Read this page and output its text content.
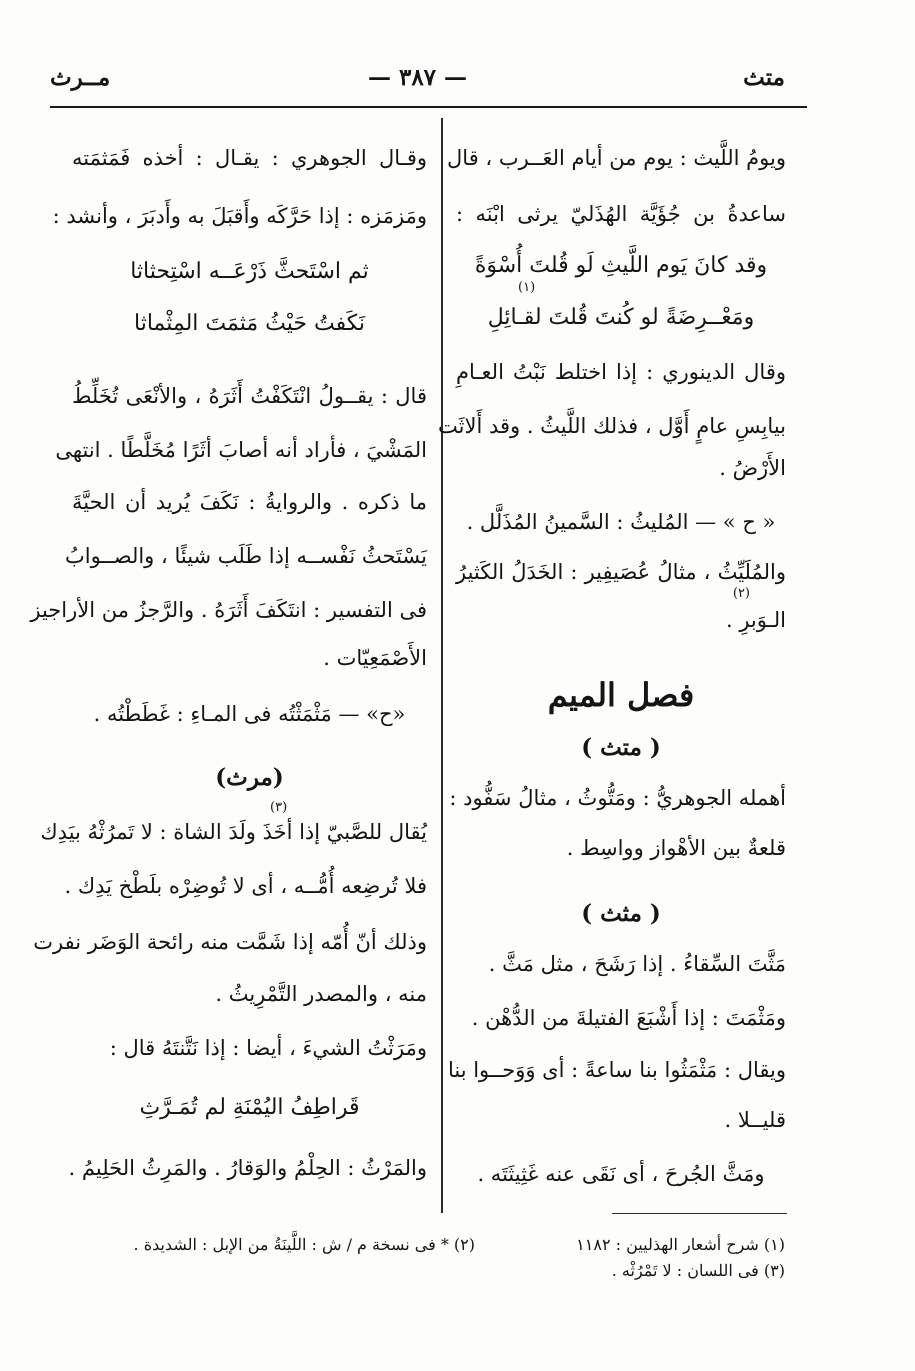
متث
— ٣٨٧ —
مــرث
ويومُ اللَّيث : يوم من أيام العَــرب ، قال
ساعدةُ بن جُؤَيَّة الهُذَليّ يرثى ابْنَه :
وقد كانَ يَوم اللَّيثِ لَو قُلتَ أُسْوَةً
(١)
ومَعْــرِضَةً لو كُنتَ قُلتَ لقـائِلِ
وقال الدينوري : إذا اختلط نَبْتُ العـامِ
بيابِسِ عامٍ أَوَّل ، فذلك اللَّيثُ . وقد أَلاثَت
الأَرْضُ .
« ح » — المُليثُ : السَّمينُ المُذَلَّل .
والمُلَيِّثُ ، مثالُ عُصَيفِير : الخَدَلُ الكَثيرُ
(٢)
الـوَبرِ .
فصل الميم
( متث )
أهمله الجوهريُّ : ومَتُّوثُ ، مثالُ سَفُّود :
قلعةٌ بين الأهْواز وواسِط .
( مثث )
مَثَّتَ السِّقاءُ . إذا رَشَحَ ، مثل مَثَّ .
ومَثْمَتَ : إذا أَشْبَعَ الفتيلةَ من الدُّهْن .
ويقال : مَثْمَثُوا بنا ساعةً : أى وَوَحــوا بنا
قليــلا .
ومَثَّ الجُرحَ ، أى نَقَى عنه غَثِيثَتَه .
وقـال الجوهري : يقـال : أخذه فَمَثمَته
ومَزمَزه : إذا حَرَّكَه وأَقبَلَ به وأَدبَرَ ، وأنشد :
ثم اسْتَحثَّ ذَرْعَــه اسْتِحثاثا
نَكَفتُ حَيْثُ مَثمَتَ المِثْماثا
قال : يقــولُ انْتَكَفْتُ أَثَرَهُ ، والأنْعَى تُخَلِّطُ
المَشْيَ ، فأراد أنه أصابَ أثَرًا مُخَلَّطًا . انتهى
ما ذكره . والروايةُ : نَكَفَ يُريد أن الحيَّةَ
يَسْتَحثُ نَفْســه إذا طَلَب شيئًا ، والصــوابُ
فى التفسير : انتَكَفَ أَثَرَهُ . والرَّجزُ من الأراجيز
الأَصْمَعِيّات .
«ح» — مَثْمَثْتُه فى المـاءِ : غَطَطْتُه .
(مرث)
(٣)
يُقال للصَّبيّ إذا أخَذَ ولَدَ الشاة : لا تَمرُثْهُ بيَدِك
فلا تُرضِعه أُمُّــه ، أى لا تُوضِرْه بلَطْخ يَدِك .
وذلك أنّ أُمّه إذا شَمَّت منه رائحة الوَضَر نفرت
منه ، والمصدر التَّمْرِيثُ .
ومَرَثْتُ الشيءَ ، أيضا : إذا نَتَّنتَهُ قال :
قَراطِفُ اليُمْنَةِ لم تُمَـرَّثِ
والمَرْثُ : الحِلْمُ والوَقارُ . والمَرِثُ الحَلِيمُ .
(١) شرح أشعار الهذليين : ١١٨٢
(٣) فى اللسان : لا تَمْرُثْه .
(٢) * فى نسخة م / ش : اللَّينَةُ من الإبل : الشديدة .
